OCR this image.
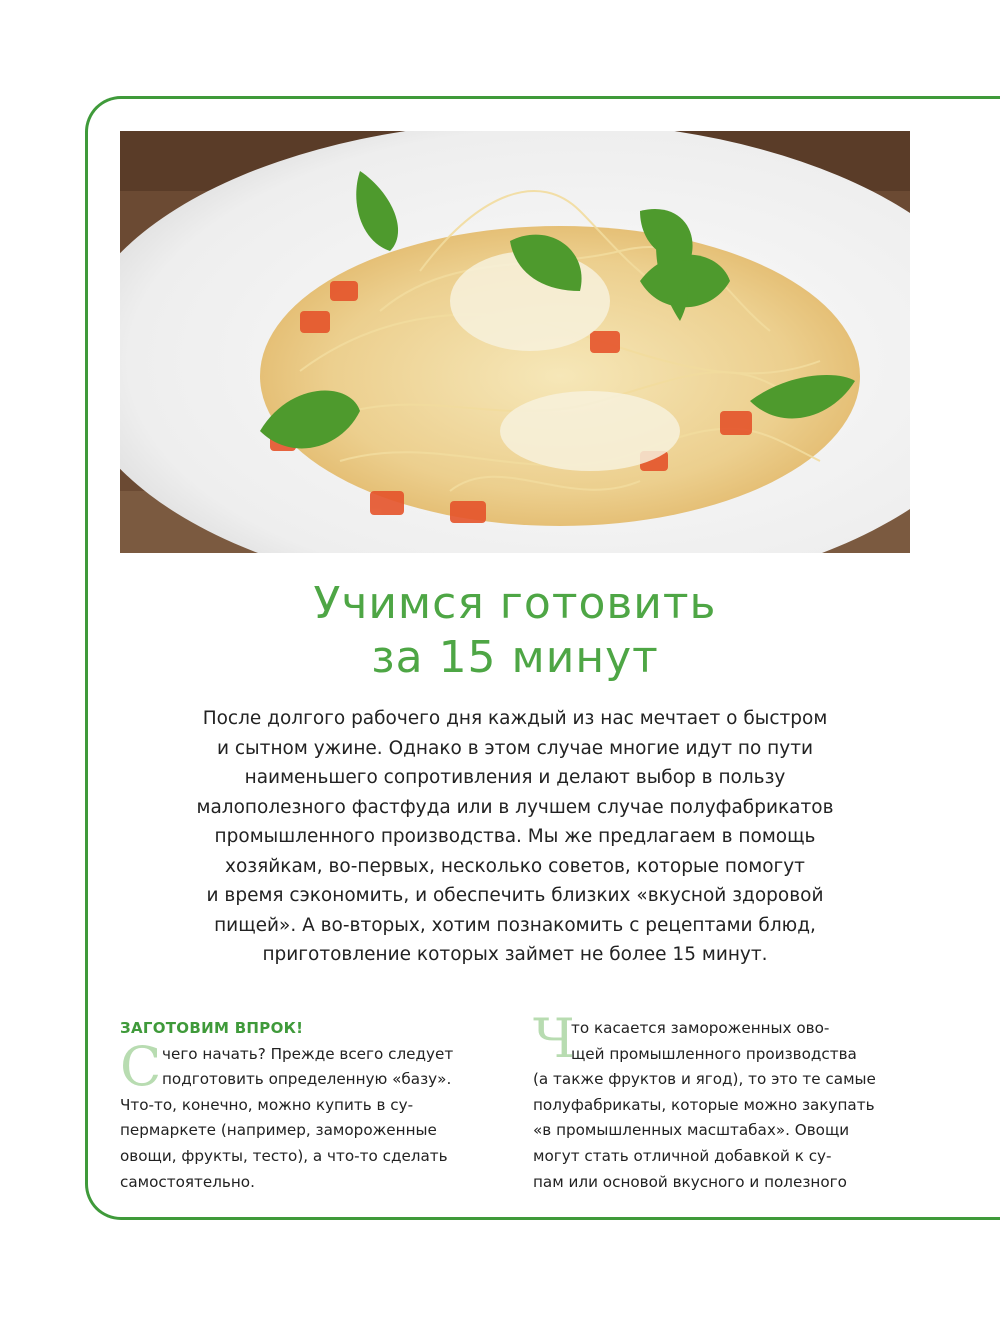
Учимся готовить
за 15 минут
После долгого рабочего дня каждый из нас мечтает о быстром
и сытном ужине. Однако в этом случае многие идут по пути
наименьшего сопротивления и делают выбор в пользу
малополезного фастфуда или в лучшем случае полуфабрикатов
промышленного производства. Мы же предлагаем в помощь
хозяйкам, во-первых, несколько советов, которые помогут
и время сэкономить, и обеспечить близких «вкусной здоровой
пищей». А во-вторых, хотим познакомить с рецептами блюд,
приготовление которых займет не более 15 минут.
ЗАГОТОВИМ ВПРОК!
С чего начать? Прежде всего следует
подготовить определенную «базу».
Что-то, конечно, можно купить в су-
пермаркете (например, замороженные
овощи, фрукты, тесто), а что-то сделать
самостоятельно.
Ч
то касается замороженных ово-
щей промышленного производства
(а также фруктов и ягод), то это те самые
полуфабрикаты, которые можно закупать
«в промышленных масштабах». Овощи
могут стать отличной добавкой к су-
пам или основой вкусного и полезного
